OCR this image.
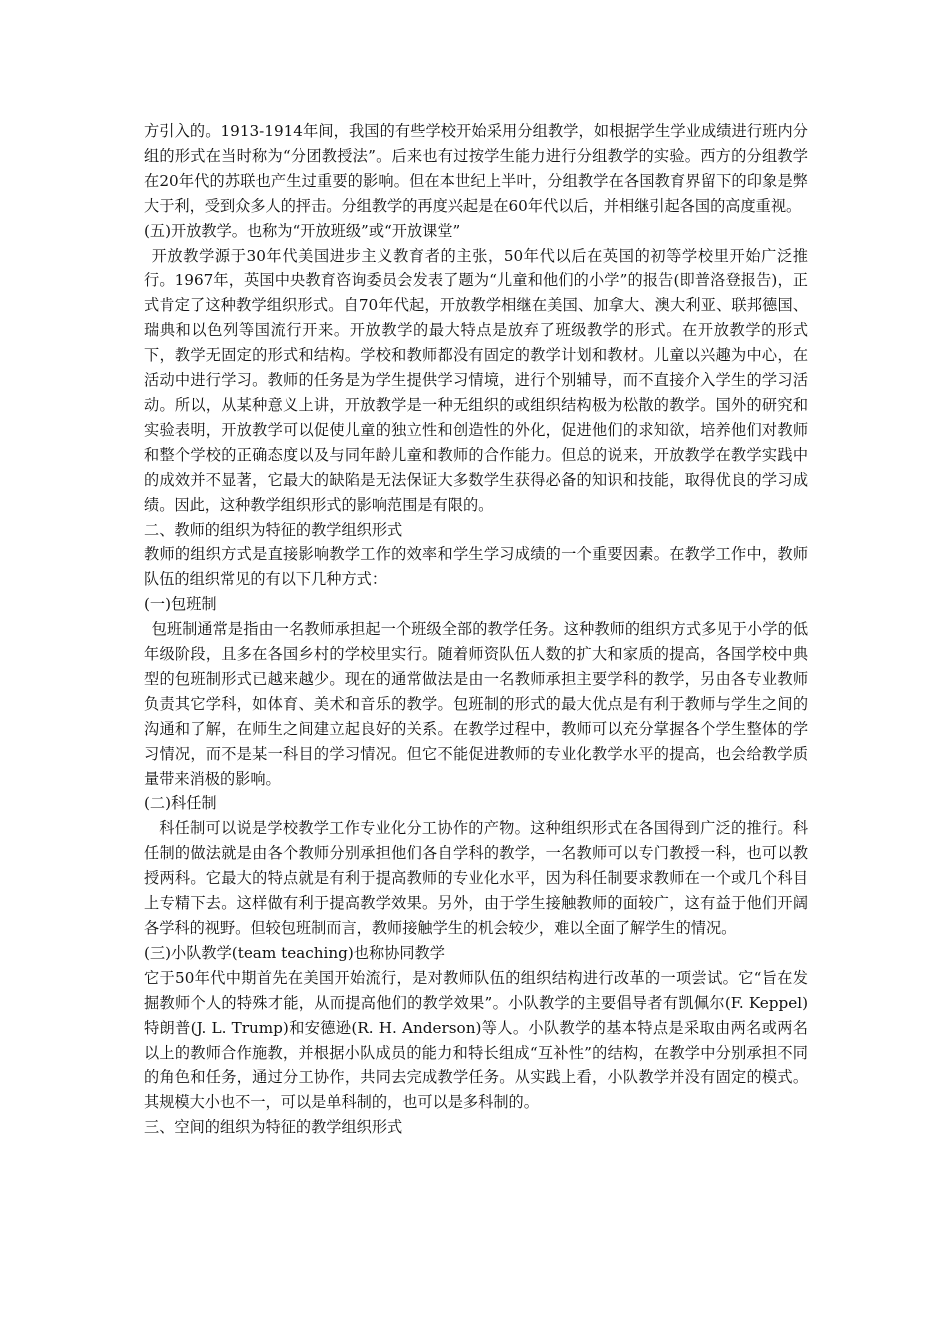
方引入的。1913-1914年间，我国的有些学校开始采用分组教学，如根据学生学业成绩进行班内分组的形式在当时称为“分团教授法”。后来也有过按学生能力进行分组教学的实验。西方的分组教学在20年代的苏联也产生过重要的影响。但在本世纪上半叶，分组教学在各国教育界留下的印象是弊大于利，受到众多人的抨击。分组教学的再度兴起是在60年代以后，并相继引起各国的高度重视。

(五)开放教学。也称为“开放班级”或“开放课堂”

开放教学源于30年代美国进步主义教育者的主张，50年代以后在英国的初等学校里开始广泛推行。1967年，英国中央教育咨询委员会发表了题为“儿童和他们的小学”的报告(即普洛登报告)，正式肯定了这种教学组织形式。自70年代起，开放教学相继在美国、加拿大、澳大利亚、联邦德国、瑞典和以色列等国流行开来。开放教学的最大特点是放弃了班级教学的形式。在开放教学的形式下，教学无固定的形式和结构。学校和教师都没有固定的教学计划和教材。儿童以兴趣为中心，在活动中进行学习。教师的任务是为学生提供学习情境，进行个别辅导，而不直接介入学生的学习活动。所以，从某种意义上讲，开放教学是一种无组织的或组织结构极为松散的教学。国外的研究和实验表明，开放教学可以促使儿童的独立性和创造性的外化，促进他们的求知欲，培养他们对教师和整个学校的正确态度以及与同年龄儿童和教师的合作能力。但总的说来，开放教学在教学实践中的成效并不显著，它最大的缺陷是无法保证大多数学生获得必备的知识和技能，取得优良的学习成绩。因此，这种教学组织形式的影响范围是有限的。

二、教师的组织为特征的教学组织形式

教师的组织方式是直接影响教学工作的效率和学生学习成绩的一个重要因素。在教学工作中，教师队伍的组织常见的有以下几种方式：

(一)包班制

包班制通常是指由一名教师承担起一个班级全部的教学任务。这种教师的组织方式多见于小学的低年级阶段，且多在各国乡村的学校里实行。随着师资队伍人数的扩大和家质的提高，各国学校中典型的包班制形式已越来越少。现在的通常做法是由一名教师承担主要学科的教学，另由各专业教师负责其它学科，如体育、美术和音乐的教学。包班制的形式的最大优点是有利于教师与学生之间的沟通和了解，在师生之间建立起良好的关系。在教学过程中，教师可以充分掌握各个学生整体的学习情况，而不是某一科目的学习情况。但它不能促进教师的专业化教学水平的提高，也会给教学质量带来消极的影响。

(二)科任制

科任制可以说是学校教学工作专业化分工协作的产物。这种组织形式在各国得到广泛的推行。科任制的做法就是由各个教师分别承担他们各自学科的教学，一名教师可以专门教授一科，也可以教授两科。它最大的特点就是有利于提高教师的专业化水平，因为科任制要求教师在一个或几个科目上专精下去。这样做有利于提高教学效果。另外，由于学生接触教师的面较广，这有益于他们开阔各学科的视野。但较包班制而言，教师接触学生的机会较少，难以全面了解学生的情况。

(三)小队教学(team teaching)也称协同教学

它于50年代中期首先在美国开始流行，是对教师队伍的组织结构进行改革的一项尝试。它“旨在发掘教师个人的特殊才能，从而提高他们的教学效果”。小队教学的主要倡导者有凯佩尔(F. Keppel)特朗普(J. L. Trump)和安德逊(R. H. Anderson)等人。小队教学的基本特点是采取由两名或两名以上的教师合作施教，并根据小队成员的能力和特长组成“互补性”的结构，在教学中分别承担不同的角色和任务，通过分工协作，共同去完成教学任务。从实践上看，小队教学并没有固定的模式。其规模大小也不一，可以是单科制的，也可以是多科制的。

三、空间的组织为特征的教学组织形式
